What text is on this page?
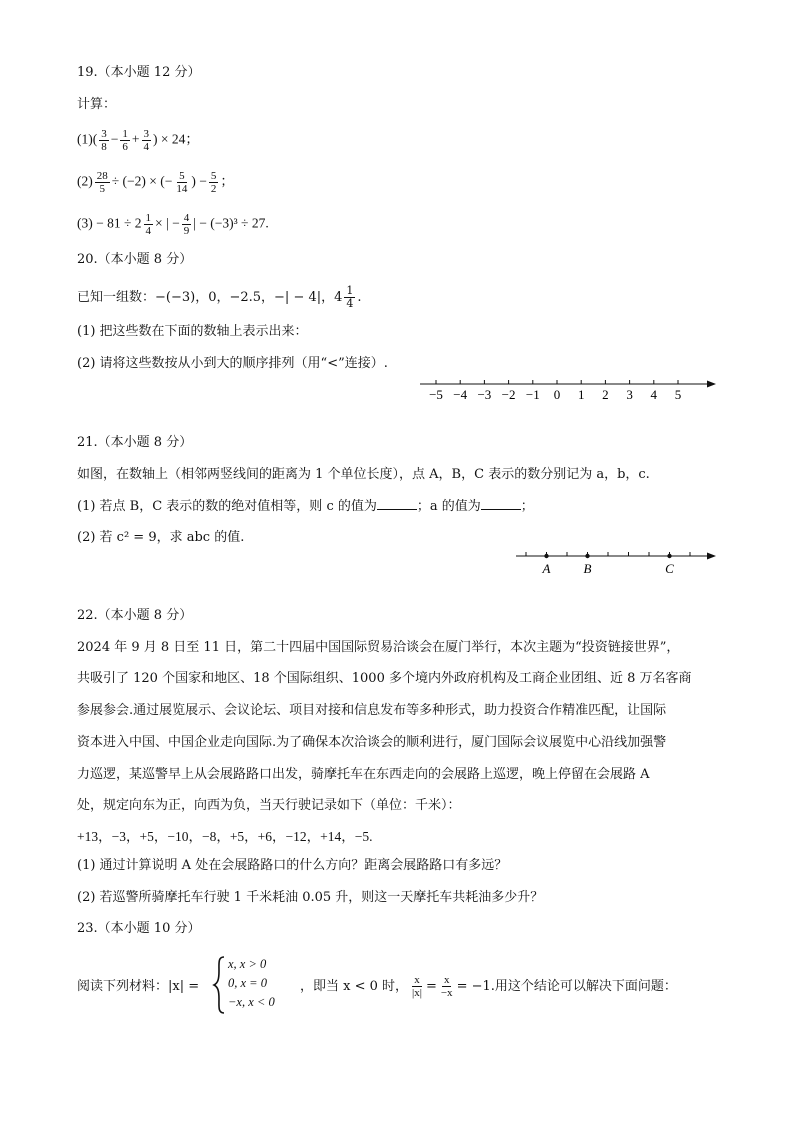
19.（本小题 12 分）
计算：
$(1)( \frac{3}{8} - \frac{1}{6} + \frac{3}{4}$ ) × 24；
$(2) \frac{28}{5} \div (-2)$ × (− $\frac{5}{14}$ ) − $\frac{5}{2}$ ；
$(3) - 81 \div 2 \frac{1}{4}$ × | − $\frac{4}{9}$ | − (−3)³ ÷ 27.
20.（本小题 8 分）
已知一组数：−(−3)，0，−2.5，−| − 4|，$4 \frac{1}{4}$ .
(1) 把这些数在下面的数轴上表示出来：
(2) 请将这些数按从小到大的顺序排列（用“<”连接）.
−5 −4 −3 −2 −1 0 1 2 3 4 5
21.（本小题 8 分）
如图，在数轴上（相邻两竖线间的距离为 1 个单位长度），点 A，B，C 表示的数分别记为 a，b，c.
(1) 若点 B，C 表示的数的绝对值相等，则 c 的值为	；a 的值为	；
(2) 若 c² = 9，求 abc 的值.
A	B	C
22.（本小题 8 分）
2024 年 9 月 8 日至 11 日，第二十四届中国国际贸易洽谈会在厦门举行，本次主题为“投资链接世界”，
共吸引了 120 个国家和地区、18 个国际组织、1000 多个境内外政府机构及工商企业团组、近 8 万名客商
参展参会.通过展览展示、会议论坛、项目对接和信息发布等多种形式，助力投资合作精准匹配，让国际
资本进入中国、中国企业走向国际.为了确保本次洽谈会的顺利进行，厦门国际会议展览中心沿线加强警
力巡逻，某巡警早上从会展路路口出发，骑摩托车在东西走向的会展路上巡逻，晚上停留在会展路 A
处，规定向东为正，向西为负，当天行驶记录如下（单位：千米）：
+13，−3，+5，−10，−8，+5，+6，−12，+14，−5.
(1) 通过计算说明 A 处在会展路路口的什么方向？距离会展路路口有多远？
(2) 若巡警所骑摩托车行驶 1 千米耗油 0.05 升，则这一天摩托车共耗油多少升？
23.（本小题 10 分）
阅读下列材料：|x| =
x, x > 0
0, x = 0
−x, x < 0
，即当 x < 0 时， $\frac{x}{|x|} = \frac{x}{-x} = -1$.用这个结论可以解决下面问题：
